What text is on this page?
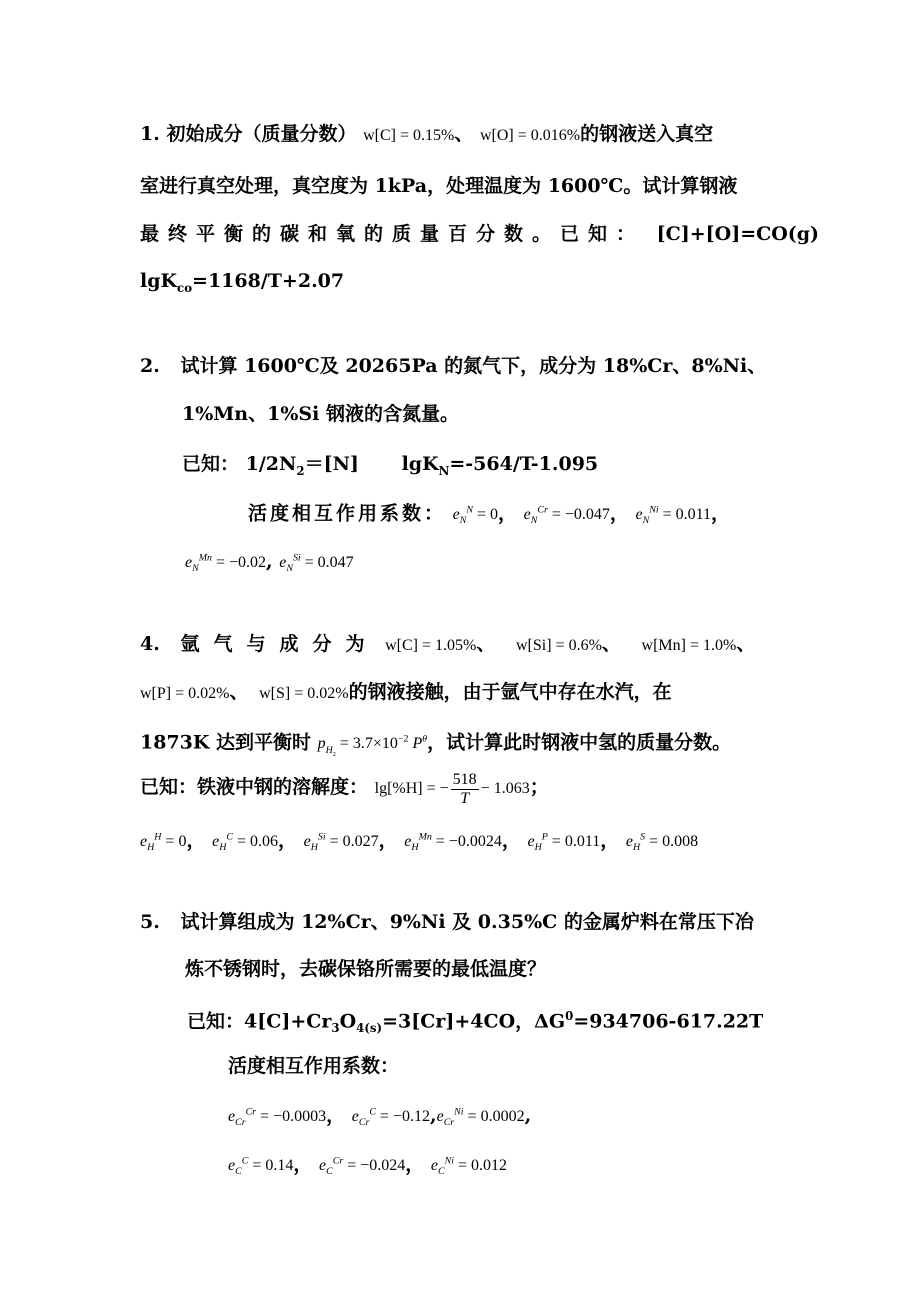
1. 初始成分（质量分数） w[C] = 0.15%、 w[O] = 0.016%的钢液送入真空
室进行真空处理，真空度为 1kPa，处理温度为 1600℃。试计算钢液
最终平衡的碳和氧的质量百分数。已知： [C]+[O]=CO(g)
lgK$_{co}$=1168/T+2.07
2. 试计算 1600℃及 20265Pa 的氮气下，成分为 18%Cr、8%Ni、
1%Mn、1%Si 钢液的含氮量。
已知： $1/2N_2=[N]$ lgK$_N$=-564/T-1.095
活度相互作用系数： $e_N^N = 0$， $e_N^{Cr} = -0.047$， $e_N^{Ni} = 0.011$，
$e_N^{Mn} = -0.02$, $e_N^{Si} = 0.047$
4. 氩气与成分为 w[C] = 1.05%、 w[Si] = 0.6%、 w[Mn] = 1.0%、
w[P] = 0.02%、 w[S] = 0.02%的钢液接触，由于氩气中存在水汽，在
1873K 达到平衡时 $p_{H_2} = 3.7\times 10^{-2}$ $P^\theta$，试计算此时钢液中氢的质量分数。
已知：铁液中钢的溶解度： lg[%H] = − $\frac{518}{T} - 1.063$；
$e_H^H = 0$， $e_H^C = 0.06$， $e_H^{Si} = 0.027$， $e_H^{Mn} = -0.0024$， $e_H^P = 0.011$， $e_H^S = 0.008$
5. 试计算组成为 12%Cr、9%Ni 及 0.35%C 的金属炉料在常压下冶
炼不锈钢时，去碳保铬所需要的最低温度？
已知：$4[C]+Cr_3O_{4(s)}=3[Cr]+4CO$，$\Delta G^0=934706-617.22T$
活度相互作用系数：
$e_{Cr}^{Cr} = -0.0003$， $e_{Cr}^C = -0.12,e_{Cr}^{Ni} = 0.0002$,
$e_C^C = 0.14$， $e_C^{Cr} = -0.024$， $e_C^{Ni} = 0.012$
